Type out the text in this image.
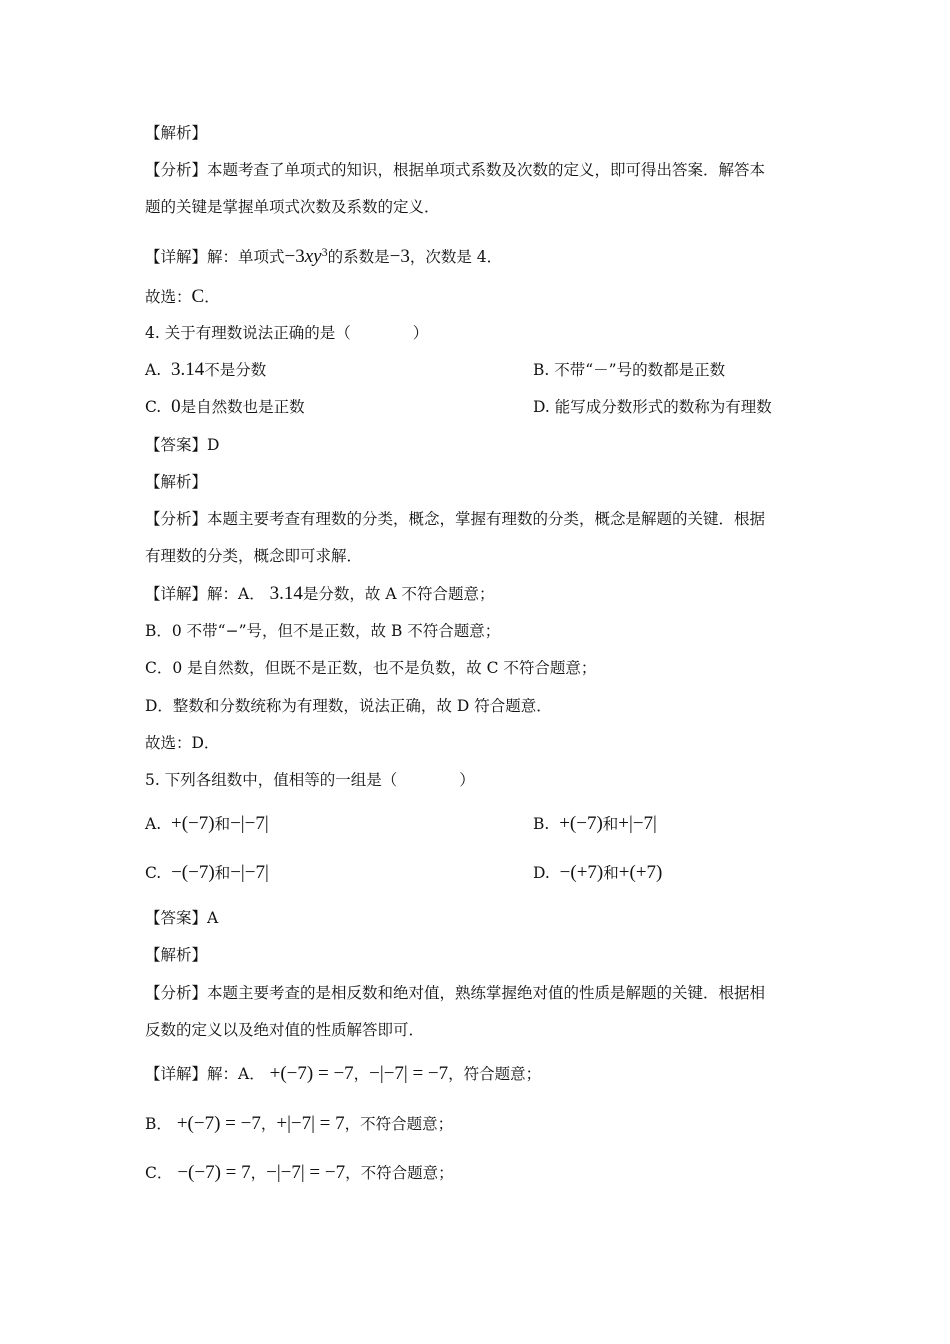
【解析】
【分析】本题考查了单项式的知识，根据单项式系数及次数的定义，即可得出答案．解答本
题的关键是掌握单项式次数及系数的定义．
【详解】解：单项式$-3xy^3$的系数是−3，次数是 4．
故选：C．
4. 关于有理数说法正确的是（　　　　）
A. 3.14不是分数	B. 不带“－”号的数都是正数
C. 0是自然数也是正数	D. 能写成分数形式的数称为有理数
【答案】D
【解析】
【分析】本题主要考查有理数的分类，概念，掌握有理数的分类，概念是解题的关键．根据
有理数的分类，概念即可求解．
【详解】解：A． 3.14是分数，故 A 不符合题意；
B．0 不带“−”号，但不是正数，故 B 不符合题意；
C．0 是自然数，但既不是正数，也不是负数，故 C 不符合题意；
D．整数和分数统称为有理数，说法正确，故 D 符合题意．
故选：D．
5. 下列各组数中，值相等的一组是（　　　　）
A. +(−7)和−|−7|	B. +(−7)和+|−7|
C. −(−7)和−|−7|	D. −(+7)和+(+7)
【答案】A
【解析】
【分析】本题主要考查的是相反数和绝对值，熟练掌握绝对值的性质是解题的关键．根据相
反数的定义以及绝对值的性质解答即可．
【详解】解：A． +(−7) = −7，−|−7| = −7，符合题意；
B． +(−7) = −7，+|−7| = 7，不符合题意；
C． −(−7) = 7，−|−7| = −7，不符合题意；
